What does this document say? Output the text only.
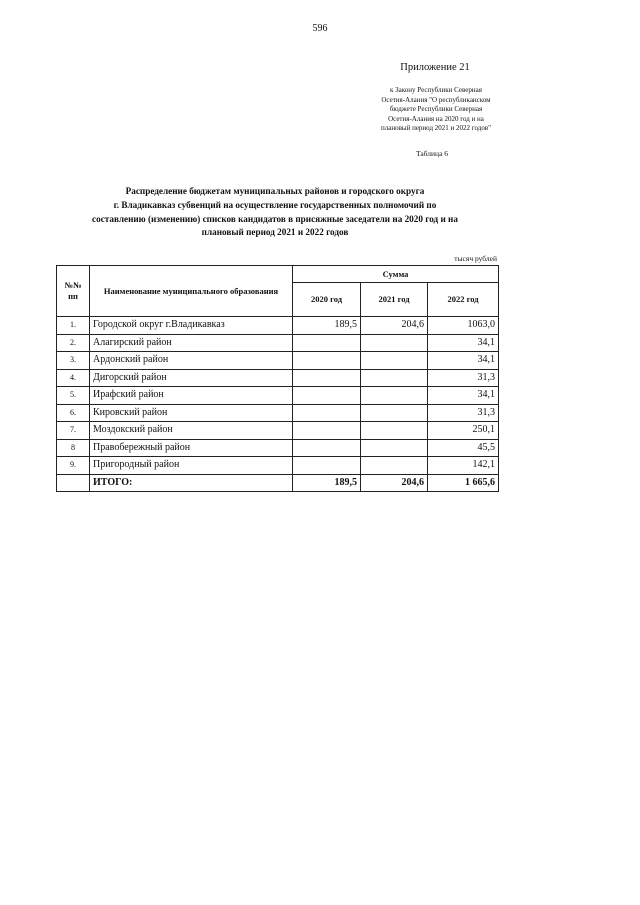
596
Приложение 21
к Закону Республики Северная
Осетия-Алания "О республиканском
бюджете Республики Северная
Осетия-Алания на 2020 год и на
плановый период 2021 и 2022 годов"
Таблица 6
Распределение бюджетам муниципальных районов и городского округа
г. Владикавказ субвенций на осуществление государственных полномочий по
составлению (изменению) списков кандидатов в присяжные заседатели на 2020 год и на
плановый период 2021 и 2022 годов
тысяч рублей
№№ пп	Наименование муниципального образования	Сумма		
		2020 год	2021 год	2022 год
1.	Городской округ г.Владикавказ	189,5	204,6	1063,0
2.	Алагирский район			34,1
3.	Ардонский район			34,1
4.	Дигорский район			31,3
5.	Ирафский район			34,1
6.	Кировский район			31,3
7.	Моздокский район			250,1
8	Правобережный район			45,5
9.	Пригородный район			142,1
	ИТОГО:	189,5	204,6	1 665,6
